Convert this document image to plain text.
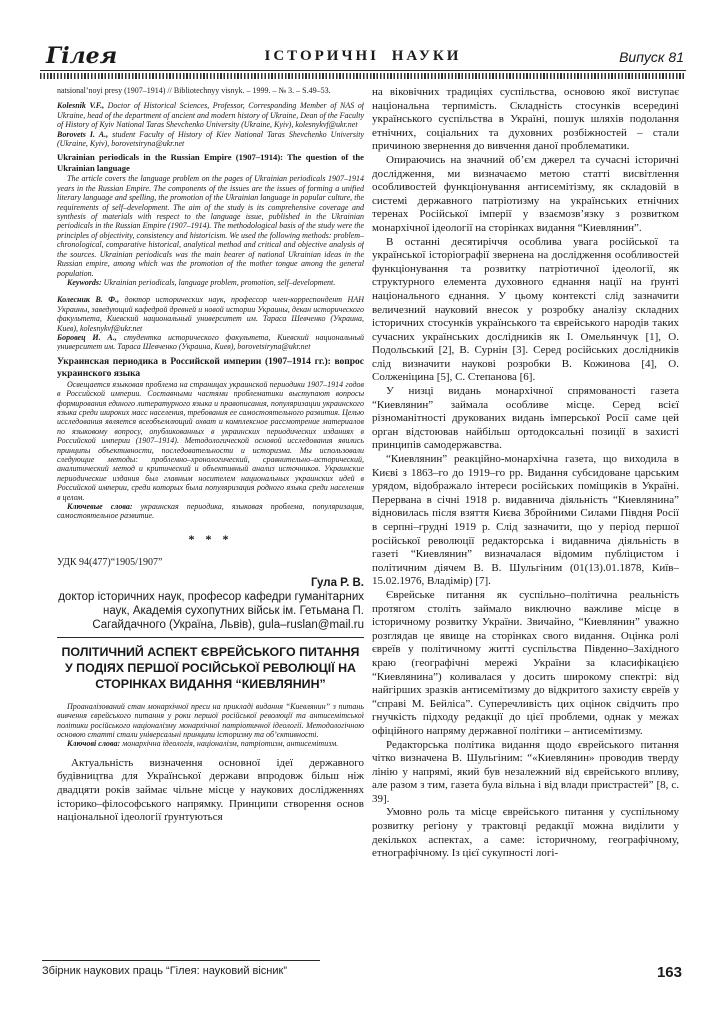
Гілея	ІСТОРИЧНІ НАУКИ	Випуск 81

natsional’noyi presy (1907–1914) // Bibliotechnyy visnyk. – 1999. – № 3. – S.49–53.

Kolesnik V.F., Doctor of Historical Sciences, Professor, Corresponding Member of NAS of Ukraine, head of the department of ancient and modern history of Ukraine, Dean of the Faculty of History of Kyiv National Taras Shevchenko University (Ukraine, Kyiv), kolesnykvf@ukr.net
Borovets I. A., student Faculty of History of Kiev National Taras Shevchenko University (Ukraine, Kyiv), borovetsiryna@ukr.net

Ukrainian periodicals in the Russian Empire (1907–1914): The question of the Ukrainian language

The article covers the language problem on the pages of Ukrainian periodicals 1907–1914 years in the Russian Empire. The components of the issues are the issues of forming a unified literary language and spelling, the promotion of the Ukrainian language in popular culture, the requirements of self–development. The aim of the study is its comprehensive coverage and synthesis of materials with respect to the language issue, published in the Ukrainian periodicals in the Russian Empire (1907–1914). The methodological basis of the study were the principles of objectivity, consistency and historicism. We used the following methods: problem–chronological, comparative historical, analytical method and critical and objective analysis of the sources. Ukrainian periodicals was the main bearer of national Ukrainian ideas in the Russian empire, among which was the promotion of the mother tongue among the general population.

Keywords: Ukrainian periodicals, language problem, promotion, self–development.

Колесник В. Ф., доктор исторических наук, профессор член-корреспондент НАН Украины, заведующий кафедрой древней и новой истории Украины, декан исторического факультета, Киевский национальный университет им. Тараса Шевченко (Украина, Киев), kolesnykvf@ukr.net
Боровец И. А., студентка исторического факультета, Киевский национальный университет им. Тараса Шевченко (Украина, Киев), borovetsiryna@ukr.net

Украинская периодика в Российской империи (1907–1914 гг.): вопрос украинского языка

Освещается языковая проблема на страницах украинской периодики 1907–1914 годов в Российской империи. Составными частями проблематики выступают вопросы формирования единого литературного языка и правописания, популяризации украинского языка среди широких масс населения, требования ее самостоятельного развития. Целью исследования является всеобъемлющий охват и комплексное рассмотрение материалов по языковому вопросу, опубликованных в украинских периодических изданиях в Российской империи (1907–1914). Методологической основой исследования явились принципы объективности, последовательности и историзма. Мы использовали следующие методы: проблемно–хронологический, сравнительно–исторический, аналитический метод и критический и объективный анализ источников. Украинские периодические издания был главным носителем национальных украинских идей в Российской империи, среди которых была популяризация родного языка среди населения в целом.

Ключевые слова: украинская периодика, языковая проблема, популяризация, самостоятельное развитие.

* * *

УДК 94(477)“1905/1907”

Гула Р. В.
доктор історичних наук, професор кафедри гуманітарних наук, Академія сухопутних військ ім. Гетьмана П. Сагайдачного (Україна, Львів), gula–ruslan@mail.ru

ПОЛІТИЧНИЙ АСПЕКТ ЄВРЕЙСЬКОГО ПИТАННЯ У ПОДІЯХ ПЕРШОЇ РОСІЙСЬКОЇ РЕВОЛЮЦІЇ НА СТОРІНКАХ ВИДАННЯ “КИЕВЛЯНИН”

Проаналізований стан монархічної преси на прикладі видання “Киевлянин” з питань вивчення єврейського питання у роки першої російської революції та антисемітської політики російського націоналізму монархічної патріотичної ідеології. Методологічною основою статті стали універсальні принципи історизму та об’єктивності.

Ключові слова: монархічна ідеологія, націоналізм, патріотизм, антисемітизм.

Актуальність визначення основної ідеї державного будівництва для Української держави впродовж більш ніж двадцяти років займає чільне місце у наукових дослідженнях історико–філософського напрямку. Принципи створення основ національної ідеології ґрунтуються

на віковічних традиціях суспільства, основою якої виступає національна терпимість. Складність стосунків всередині українського суспільства в Україні, пошук шляхів подолання етнічних, соціальних та духовних розбіжностей – стали причиною звернення до вивчення даної проблематики.

Опираючись на значний об’єм джерел та сучасні історичні дослідження, ми визначаємо метою статті висвітлення особливостей функціонування антисемітізму, як складовій в системі державного патріотизму на українських етнічних теренах Російської імперії у взаємозв’язку з розвитком монархічної ідеології на сторінках видання “Киевлянин”.

В останні десятиріччя особлива увага російської та української історіографії звернена на дослідження особливостей функціонування та розвитку патріотичної ідеології, як структурного елемента духовного єднання нації на ґрунті національного єднання. У цьому контексті слід зазначити величезний науковий внесок у розробку аналізу складних історичних стосунків українського та єврейського народів таких сучасних українських дослідників як І. Омельянчук [1], О. Подольський [2], В. Сурнін [3]. Серед російських дослідників слід визначити наукові розробки В. Кожинова [4], О. Солженіцина [5], С. Степанова [6].

У низці видань монархічної спрямованості газета “Киевлянин” займала особливе місце. Серед всієї різноманітності друкованих видань імперської Росії саме цей орган відстоював найбільш ортодоксальні позиції в захисті принципів самодержавства.

“Киевлянин” реакційно-монархічна газета, що виходила в Києві з 1863–го до 1919–го рр. Видання субсидоване царським урядом, відображало інтереси російських поміщиків в Україні. Перервана в січні 1918 р. видавнича діяльність “Киевлянина” відновилась після взяття Києва Збройними Силами Півдня Росії в серпні–грудні 1919 р. Слід зазначити, що у період першої російської революції редакторська і видавнича діяльність в газеті “Киевлянин” визначалася відомим публіцистом і політичним діячем В. В. Шульгіним (01(13).01.1878, Київ–15.02.1976, Владімір) [7].

Єврейське питання як суспільно–політична реальність протягом століть займало виключно важливе місце в історичному розвитку України. Звичайно, “Киевлянин” уважно розглядав це явище на сторінках свого видання. Оцінка ролі євреїв у політичному житті суспільства Південно–Західного краю (географічні мережі України за класифікацією “Киевлянина”) коливалася у досить широкому спектрі: від найгірших зразків антисемітизму до відкритого захисту євреїв у “справі М. Бейліса”. Суперечливість цих оцінок свідчить про гнучкість підходу редакції до цієї проблеми, однак у межах офіційного напряму державної політики – антисемітизму.

Редакторська політика видання щодо єврейського питання чітко визначена В. Шульгіним: “«Киевлянин» проводив тверду лінію у напрямі, який був незалежний від єврейського впливу, але разом з тим, газета була вільна і від влади пристрастей” [8, с. 39].

Умовно роль та місце єврейського питання у суспільному розвитку регіону у трактовці редакції можна виділити у декількох аспектах, а саме: історичному, географічному, етнографічному. Із цієї сукупності логі-

Збірник наукових праць “Гілея: науковий вісник”	163
